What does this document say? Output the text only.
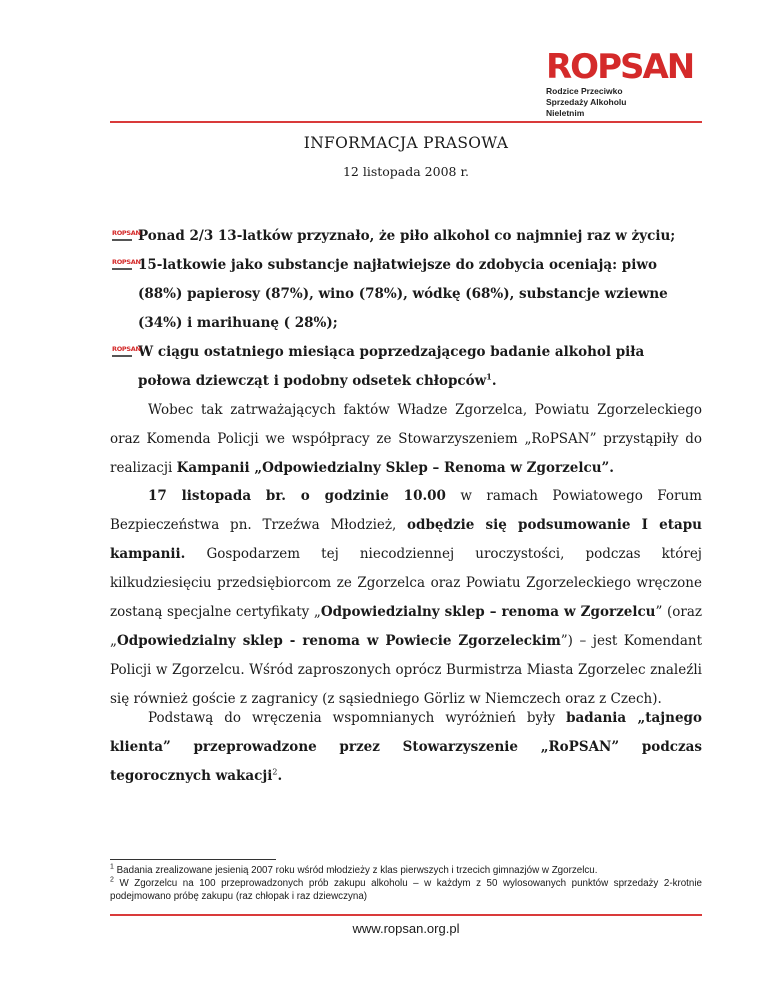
ROPSAN
Rodzice Przeciwko
Sprzedaży Alkoholu Nieletnim
INFORMACJA PRASOWA
12 listopada 2008 r.
ROPSAN
Ponad 2/3 13-latków przyznało, że piło alkohol co najmniej raz w życiu;
ROPSAN
15-latkowie jako substancje najłatwiejsze do zdobycia oceniają: piwo (88%) papierosy (87%), wino (78%), wódkę (68%), substancje wziewne (34%) i marihuanę ( 28%);
ROPSAN
W ciągu ostatniego miesiąca poprzedzającego badanie alkohol piła połowa dziewcząt i podobny odsetek chłopców$^1$.
Wobec tak zatrważających faktów Władze Zgorzelca, Powiatu Zgorzeleckiego oraz Komenda Policji we współpracy ze Stowarzyszeniem „RoPSAN” przystąpiły do realizacji Kampanii „Odpowiedzialny Sklep – Renoma w Zgorzelcu”.
17 listopada br. o godzinie 10.00 w ramach Powiatowego Forum Bezpieczeństwa pn. Trzeźwa Młodzież, odbędzie się podsumowanie I etapu kampanii. Gospodarzem tej niecodziennej uroczystości, podczas której kilkudziesięciu przedsiębiorcom ze Zgorzelca oraz Powiatu Zgorzeleckiego wręczone zostaną specjalne certyfikaty „Odpowiedzialny sklep – renoma w Zgorzelcu” (oraz „Odpowiedzialny sklep - renoma w Powiecie Zgorzeleckim”) – jest Komendant Policji w Zgorzelcu. Wśród zaproszonych oprócz Burmistrza Miasta Zgorzelec znaleźli się również goście z zagranicy (z sąsiedniego Görliz w Niemczech oraz z Czech).
Podstawą do wręczenia wspomnianych wyróżnień były badania „tajnego klienta” przeprowadzone przez Stowarzyszenie „RoPSAN” podczas tegorocznych wakacji$^2$.
$^1$ Badania zrealizowane jesienią 2007 roku wśród młodzieży z klas pierwszych i trzecich gimnazjów w Zgorzelcu.
$^2$ W Zgorzelcu na 100 przeprowadzonych prób zakupu alkoholu – w każdym z 50 wylosowanych punktów sprzedaży 2-krotnie podejmowano próbę zakupu (raz chłopak i raz dziewczyna)
www.ropsan.org.pl
